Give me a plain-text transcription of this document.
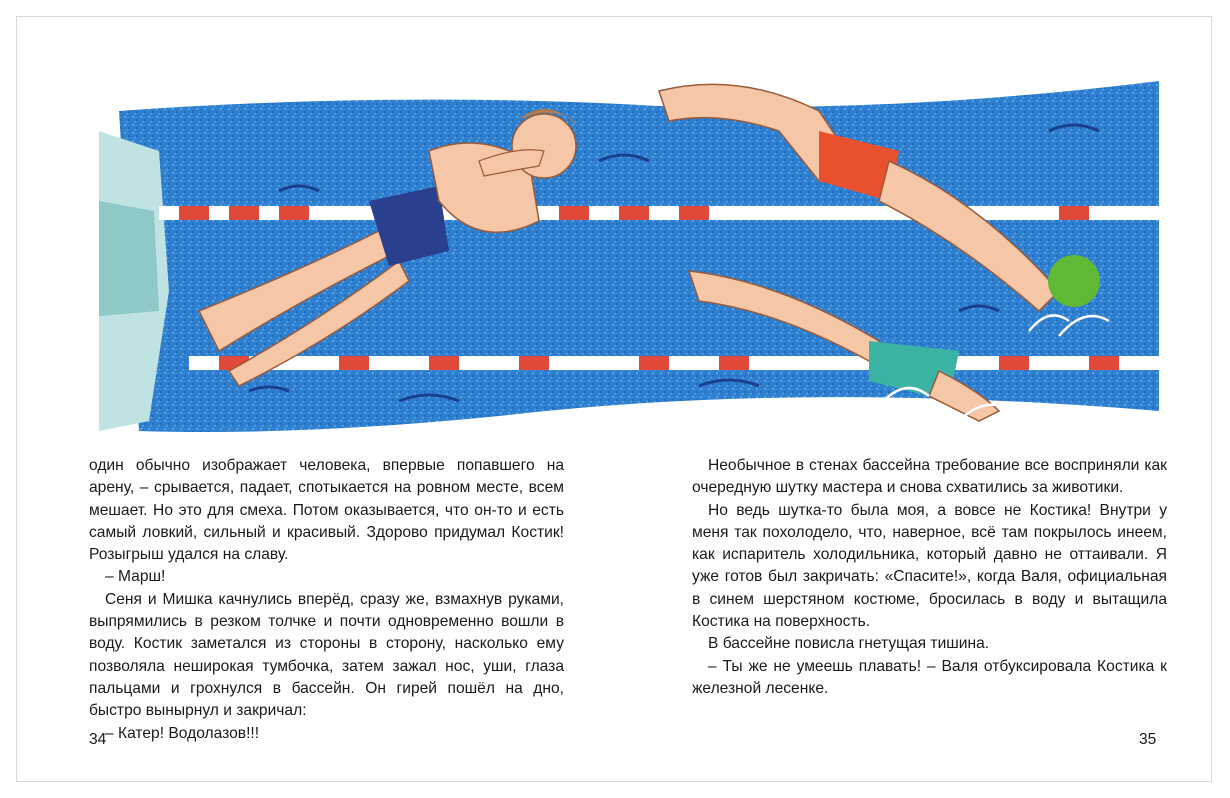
один обычно изображает человека, впервые попавшего на арену, – срывается, падает, спотыкается на ровном месте, всем мешает. Но это для смеха. Потом оказывается, что он-то и есть самый ловкий, сильный и красивый. Здорово придумал Костик! Розыгрыш удался на славу.

– Марш!

Сеня и Мишка качнулись вперёд, сразу же, взмахнув руками, выпрямились в резком толчке и почти одновременно вошли в воду. Костик заметался из стороны в сторону, насколько ему позволяла неширокая тумбочка, затем зажал нос, уши, глаза пальцами и грохнулся в бассейн. Он гирей пошёл на дно, быстро вынырнул и закричал:

– Катер! Водолазов!!!

Необычное в стенах бассейна требование все восприняли как очередную шутку мастера и снова схватились за животики.

Но ведь шутка-то была моя, а вовсе не Костика! Внутри у меня так похолодело, что, наверное, всё там покрылось инеем, как испаритель холодильника, который давно не оттаивали. Я уже готов был закричать: «Спасите!», когда Валя, официальная в синем шерстяном костюме, бросилась в воду и вытащила Костика на поверхность.

В бассейне повисла гнетущая тишина.

– Ты же не умеешь плавать! – Валя отбуксировала Костика к железной лесенке.

34	35
